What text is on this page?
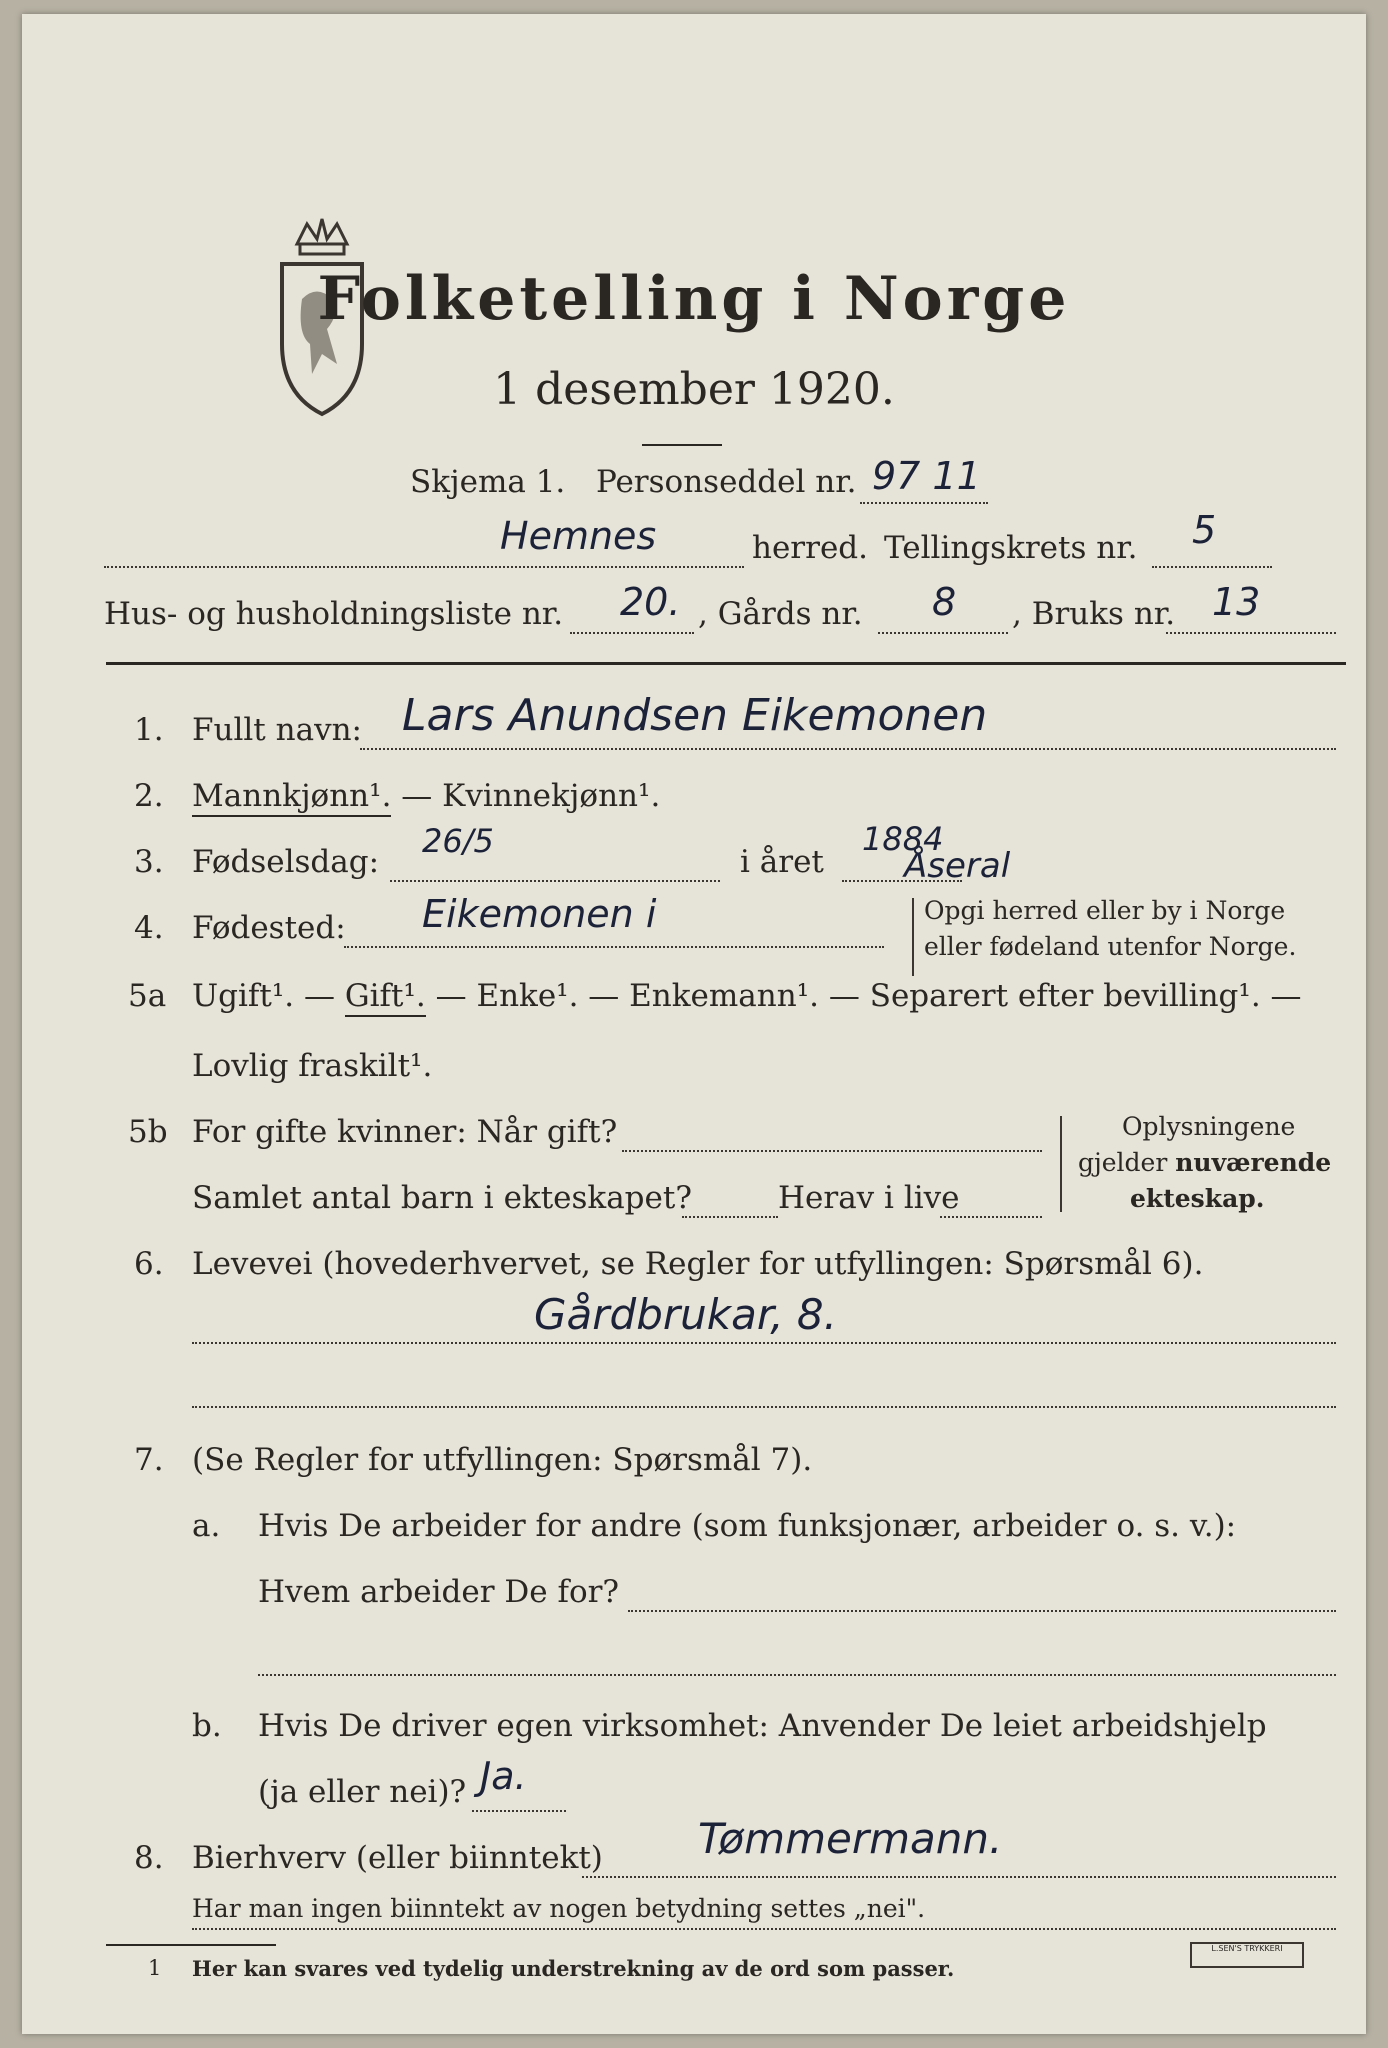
Folketelling i Norge
1 desember 1920.
Skjema 1. Personseddel nr. 97 11
Hemnes	herred. Tellingskrets nr. 5
Hus- og husholdningsliste nr. 20. , Gårds nr. 8 , Bruks nr. 13
1. Fullt navn: Lars Anundsen Eikemonen
2. Mannkjønn¹. — Kvinnekjønn¹.
3. Fødselsdag:
26/5
i året
1884
4. Fødested: Eikemonen i
Åseral
Opgi herred eller by i Norge
eller fødeland utenfor Norge.
5a Ugift¹. — Gift¹. — Enke¹. — Enkemann¹. — Separert efter bevilling¹. —
Lovlig fraskilt¹.
5b For gifte kvinner: Når gift?
Samlet antal barn i ekteskapet?	Herav i live
Oplysningene
gjelder nuværende
ekteskap.
6. Levevei (hovederhvervet, se Regler for utfyllingen: Spørsmål 6).
Gårdbrukar, 8.
7. (Se Regler for utfyllingen: Spørsmål 7).
a. Hvis De arbeider for andre (som funksjonær, arbeider o. s. v.):
Hvem arbeider De for?
b. Hvis De driver egen virksomhet: Anvender De leiet arbeidshjelp
(ja eller nei)? Ja.
8. Bierhverv (eller biinntekt) Tømmermann.
Har man ingen biinntekt av nogen betydning settes „nei".
1 Her kan svares ved tydelig understrekning av de ord som passer.
L.SEN'S TRYKKERI
